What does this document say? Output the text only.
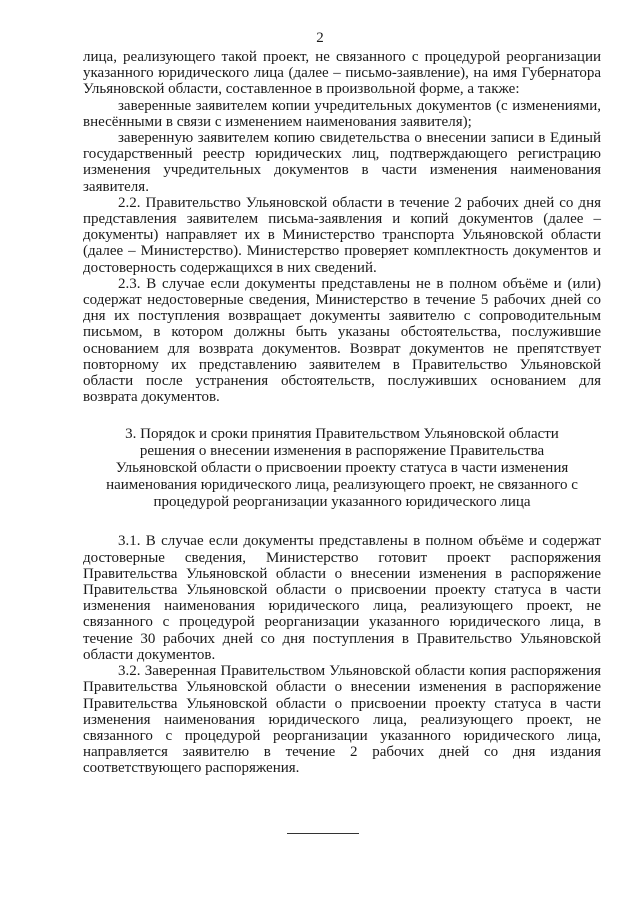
2

лица, реализующего такой проект, не связанного с процедурой реорганизации указанного юридического лица (далее – письмо-заявление), на имя Губернатора Ульяновской области, составленное в произвольной форме, а также:

заверенные заявителем копии учредительных документов (с изменениями, внесёнными в связи с изменением наименования заявителя);

заверенную заявителем копию свидетельства о внесении записи в Единый государственный реестр юридических лиц, подтверждающего регистрацию изменения учредительных документов в части изменения наименования заявителя.

2.2. Правительство Ульяновской области в течение 2 рабочих дней со дня представления заявителем письма-заявления и копий документов (далее – документы) направляет их в Министерство транспорта Ульяновской области (далее – Министерство). Министерство проверяет комплектность документов и достоверность содержащихся в них сведений.

2.3. В случае если документы представлены не в полном объёме и (или) содержат недостоверные сведения, Министерство в течение 5 рабочих дней со дня их поступления возвращает документы заявителю с сопроводительным письмом, в котором должны быть указаны обстоятельства, послужившие основанием для возврата документов. Возврат документов не препятствует повторному их представлению заявителем в Правительство Ульяновской области после устранения обстоятельств, послуживших основанием для возврата документов.

3. Порядок и сроки принятия Правительством Ульяновской области решения о внесении изменения в распоряжение Правительства Ульяновской области о присвоении проекту статуса в части изменения наименования юридического лица, реализующего проект, не связанного с процедурой реорганизации указанного юридического лица

3.1. В случае если документы представлены в полном объёме и содержат достоверные сведения, Министерство готовит проект распоряжения Правительства Ульяновской области о внесении изменения в распоряжение Правительства Ульяновской области о присвоении проекту статуса в части изменения наименования юридического лица, реализующего проект, не связанного с процедурой реорганизации указанного юридического лица, в течение 30 рабочих дней со дня поступления в Правительство Ульяновской области документов.

3.2. Заверенная Правительством Ульяновской области копия распоряжения Правительства Ульяновской области о внесении изменения в распоряжение Правительства Ульяновской области о присвоении проекту статуса в части изменения наименования юридического лица, реализующего проект, не связанного с процедурой реорганизации указанного юридического лица, направляется заявителю в течение 2 рабочих дней со дня издания соответствующего распоряжения.
